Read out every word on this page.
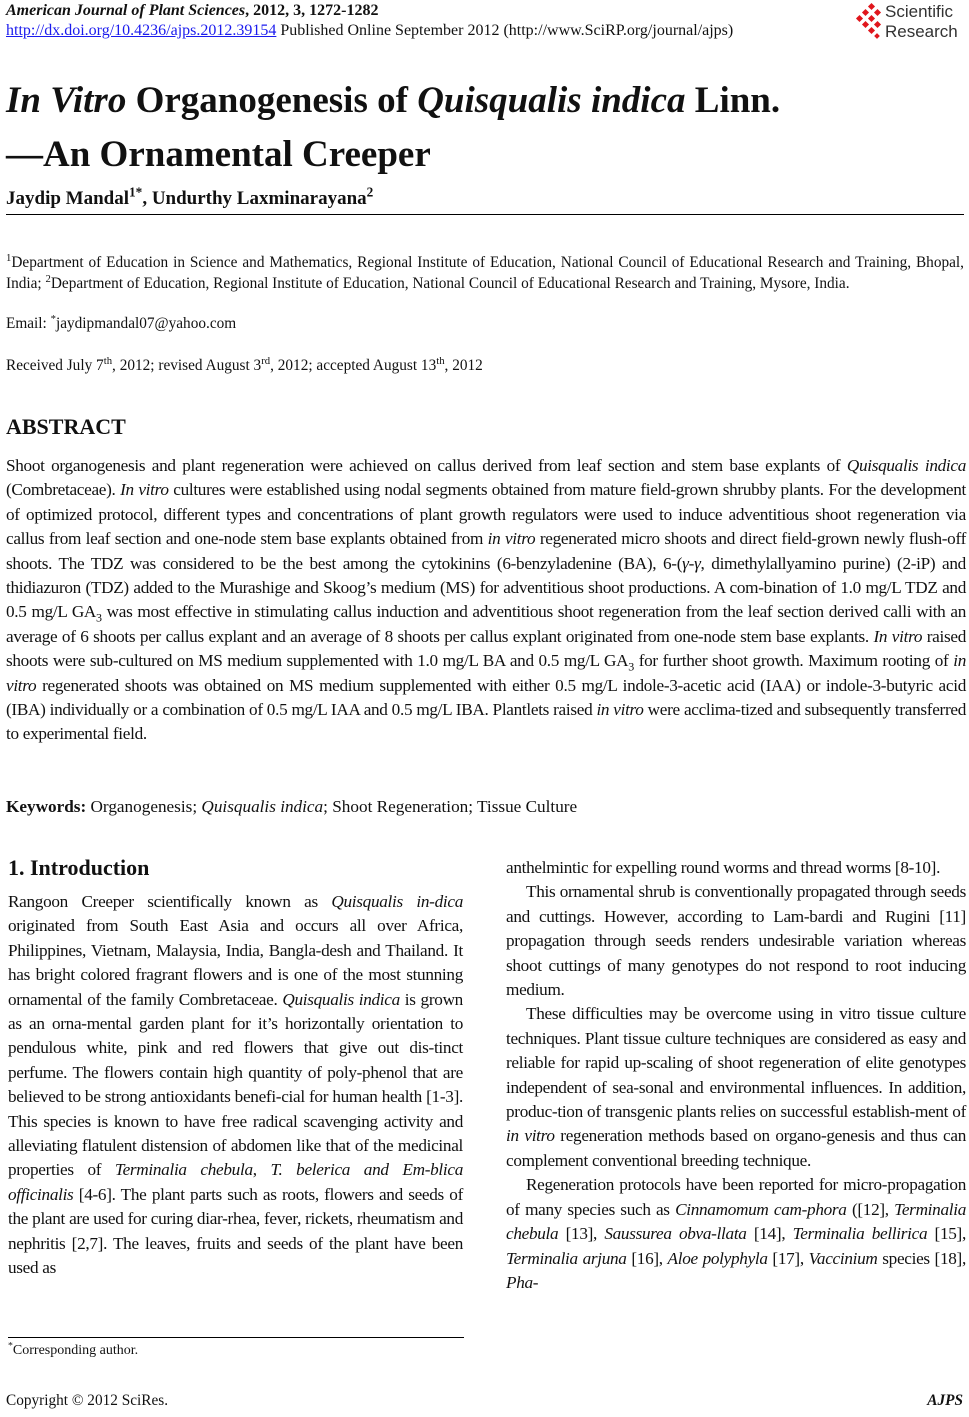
American Journal of Plant Sciences, 2012, 3, 1272-1282
http://dx.doi.org/10.4236/ajps.2012.39154 Published Online September 2012 (http://www.SciRP.org/journal/ajps)
Scientific
Research
In Vitro Organogenesis of Quisqualis indica Linn.
—An Ornamental Creeper
Jaydip Mandal$^{1*}$, Undurthy Laxminarayana$^2$
$^1$Department of Education in Science and Mathematics, Regional Institute of Education, National Council of Educational Research and Training, Bhopal, India; $^2$Department of Education, Regional Institute of Education, National Council of Educational Research and Training, Mysore, India.
Email: *jaydipmandal07@yahoo.com
Received July 7th, 2012; revised August 3rd, 2012; accepted August 13th, 2012
ABSTRACT
Shoot organogenesis and plant regeneration were achieved on callus derived from leaf section and stem base explants of Quisqualis indica (Combretaceae). In vitro cultures were established using nodal segments obtained from mature field-grown shrubby plants. For the development of optimized protocol, different types and concentrations of plant growth regulators were used to induce adventitious shoot regeneration via callus from leaf section and one-node stem base explants obtained from in vitro regenerated micro shoots and direct field-grown newly flush-off shoots. The TDZ was considered to be the best among the cytokinins (6-benzyladenine (BA), 6-(γ-γ, dimethylallyamino purine) (2-iP) and thidiazuron (TDZ) added to the Murashige and Skoog’s medium (MS) for adventitious shoot productions. A com-bination of 1.0 mg/L TDZ and 0.5 mg/L $GA_3$ was most effective in stimulating callus induction and adventitious shoot regeneration from the leaf section derived calli with an average of 6 shoots per callus explant and an average of 8 shoots per callus explant originated from one-node stem base explants. In vitro raised shoots were sub-cultured on MS medium supplemented with 1.0 mg/L BA and 0.5 mg/L $GA_3$ for further shoot growth. Maximum rooting of in vitro regenerated shoots was obtained on MS medium supplemented with either 0.5 mg/L indole-3-acetic acid (IAA) or indole-3-butyric acid (IBA) individually or a combination of 0.5 mg/L IAA and 0.5 mg/L IBA. Plantlets raised in vitro were acclima-tized and subsequently transferred to experimental field.
Keywords: Organogenesis; Quisqualis indica; Shoot Regeneration; Tissue Culture
1. Introduction

Rangoon Creeper scientifically known as Quisqualis in-dica originated from South East Asia and occurs all over Africa, Philippines, Vietnam, Malaysia, India, Bangla-desh and Thailand. It has bright colored fragrant flowers and is one of the most stunning ornamental of the family Combretaceae. Quisqualis indica is grown as an orna-mental garden plant for it’s horizontally orientation to pendulous white, pink and red flowers that give out dis-tinct perfume. The flowers contain high quantity of poly-phenol that are believed to be strong antioxidants benefi-cial for human health [1-3]. This species is known to have free radical scavenging activity and alleviating flatulent distension of abdomen like that of the medicinal properties of Terminalia chebula, T. belerica and Em-blica officinalis [4-6]. The plant parts such as roots, flowers and seeds of the plant are used for curing diar-rhea, fever, rickets, rheumatism and nephritis [2,7]. The leaves, fruits and seeds of the plant have been used as

anthelmintic for expelling round worms and thread worms [8-10].

This ornamental shrub is conventionally propagated through seeds and cuttings. However, according to Lam-bardi and Rugini [11] propagation through seeds renders undesirable variation whereas shoot cuttings of many genotypes do not respond to root inducing medium.

These difficulties may be overcome using in vitro tissue culture techniques. Plant tissue culture techniques are considered as easy and reliable for rapid up-scaling of shoot regeneration of elite genotypes independent of sea-sonal and environmental influences. In addition, produc-tion of transgenic plants relies on successful establish-ment of in vitro regeneration methods based on organo-genesis and thus can complement conventional breeding technique.

Regeneration protocols have been reported for micro-propagation of many species such as Cinnamomum cam-phora ([12], Terminalia chebula [13], Saussurea obva-llata [14], Terminalia bellirica [15], Terminalia arjuna [16], Aloe polyphyla [17], Vaccinium species [18], Pha-

*Corresponding author.
Copyright © 2012 SciRes.	AJPS
